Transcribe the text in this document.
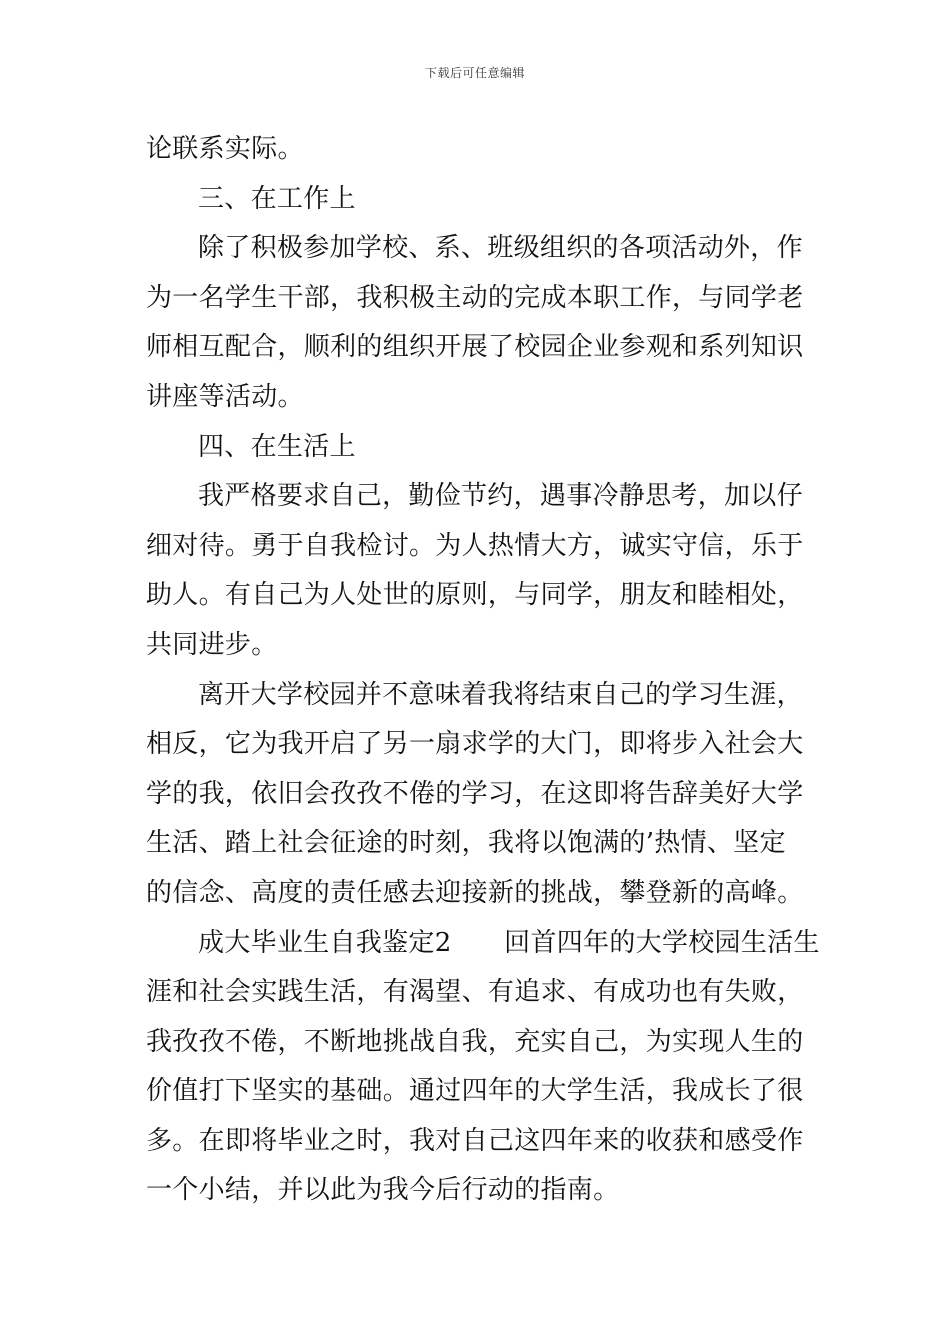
下载后可任意编辑
论联系实际。
三、在工作上
除了积极参加学校、系、班级组织的各项活动外，作
为一名学生干部，我积极主动的完成本职工作，与同学老
师相互配合，顺利的组织开展了校园企业参观和系列知识
讲座等活动。
四、在生活上
我严格要求自己，勤俭节约，遇事冷静思考，加以仔
细对待。勇于自我检讨。为人热情大方，诚实守信，乐于
助人。有自己为人处世的原则，与同学，朋友和睦相处，
共同进步。
离开大学校园并不意味着我将结束自己的学习生涯，
相反，它为我开启了另一扇求学的大门，即将步入社会大
学的我，依旧会孜孜不倦的学习，在这即将告辞美好大学
生活、踏上社会征途的时刻，我将以饱满的’热情、坚定
的信念、高度的责任感去迎接新的挑战，攀登新的高峰。
成大毕业生自我鉴定2　　回首四年的大学校园生活生
涯和社会实践生活，有渴望、有追求、有成功也有失败，
我孜孜不倦，不断地挑战自我，充实自己，为实现人生的
价值打下坚实的基础。通过四年的大学生活，我成长了很
多。在即将毕业之时，我对自己这四年来的收获和感受作
一个小结，并以此为我今后行动的指南。
